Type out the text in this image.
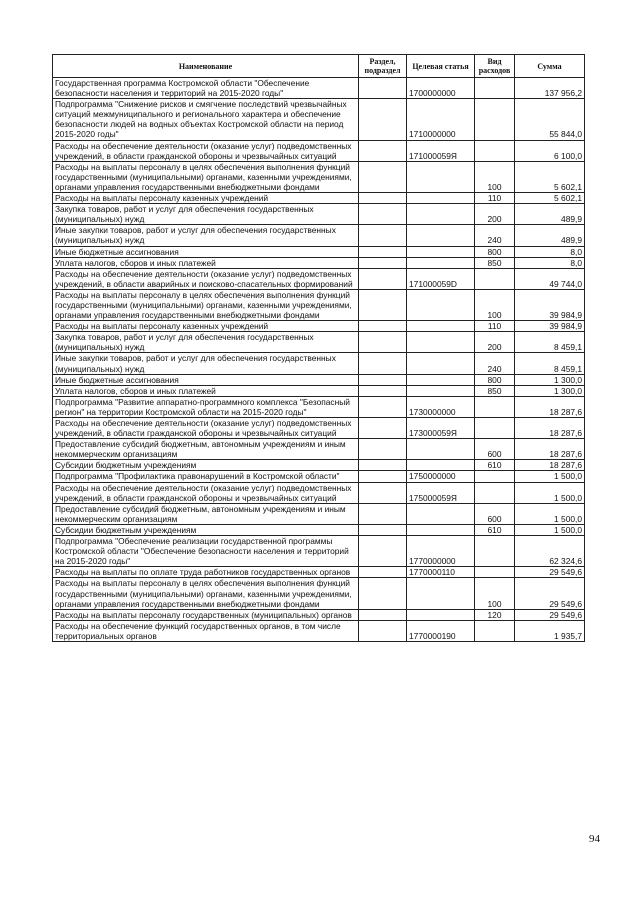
Наименование	Раздел, подраздел	Целевая статья	Вид расходов	Сумма
Государственная программа Костромской области "Обеспечение безопасности населения и территорий на 2015-2020 годы"		1700000000		137 956,2
Подпрограмма "Снижение рисков и смягчение последствий чрезвычайных ситуаций межмуниципального и регионального характера и обеспечение безопасности людей на водных объектах Костромской области на период 2015-2020 годы"		1710000000		55 844,0
Расходы на обеспечение деятельности (оказание услуг) подведомственных учреждений, в области гражданской обороны и чрезвычайных ситуаций		171000059Я		6 100,0
Расходы на выплаты персоналу в целях обеспечения выполнения функций государственными (муниципальными) органами, казенными учреждениями, органами управления государственными внебюджетными фондами			100	5 602,1
Расходы на выплаты персоналу казенных учреждений			110	5 602,1
Закупка товаров, работ и услуг для обеспечения государственных (муниципальных) нужд			200	489,9
Иные закупки товаров, работ и услуг для обеспечения государственных (муниципальных) нужд			240	489,9
Иные бюджетные ассигнования			800	8,0
Уплата налогов, сборов и иных платежей			850	8,0
Расходы на обеспечение деятельности (оказание услуг) подведомственных учреждений, в области аварийных и поисково-спасательных формирований		171000059D		49 744,0
Расходы на выплаты персоналу в целях обеспечения выполнения функций государственными (муниципальными) органами, казенными учреждениями, органами управления государственными внебюджетными фондами			100	39 984,9
Расходы на выплаты персоналу казенных учреждений			110	39 984,9
Закупка товаров, работ и услуг для обеспечения государственных (муниципальных) нужд			200	8 459,1
Иные закупки товаров, работ и услуг для обеспечения государственных (муниципальных) нужд			240	8 459,1
Иные бюджетные ассигнования			800	1 300,0
Уплата налогов, сборов и иных платежей			850	1 300,0
Подпрограмма "Развитие аппаратно-программного комплекса "Безопасный регион" на территории Костромской области на 2015-2020 годы"		1730000000		18 287,6
Расходы на обеспечение деятельности (оказание услуг) подведомственных учреждений, в области гражданской обороны и чрезвычайных ситуаций		173000059Я		18 287,6
Предоставление субсидий бюджетным, автономным учреждениям и иным некоммерческим организациям			600	18 287,6
Субсидии бюджетным учреждениям			610	18 287,6
Подпрограмма "Профилактика правонарушений в Костромской области"		1750000000		1 500,0
Расходы на обеспечение деятельности (оказание услуг) подведомственных учреждений, в области гражданской обороны и чрезвычайных ситуаций		175000059Я		1 500,0
Предоставление субсидий бюджетным, автономным учреждениям и иным некоммерческим организациям			600	1 500,0
Субсидии бюджетным учреждениям			610	1 500,0
Подпрограмма "Обеспечение реализации государственной программы Костромской области "Обеспечение безопасности населения и территорий на 2015-2020 годы"		1770000000		62 324,6
Расходы на выплаты по оплате труда работников государственных органов		1770000110		29 549,6
Расходы на выплаты персоналу в целях обеспечения выполнения функций государственными (муниципальными) органами, казенными учреждениями, органами управления государственными внебюджетными фондами			100	29 549,6
Расходы на выплаты персоналу государственных (муниципальных) органов			120	29 549,6
Расходы на обеспечение функций государственных органов, в том числе территориальных органов		1770000190		1 935,7
94
